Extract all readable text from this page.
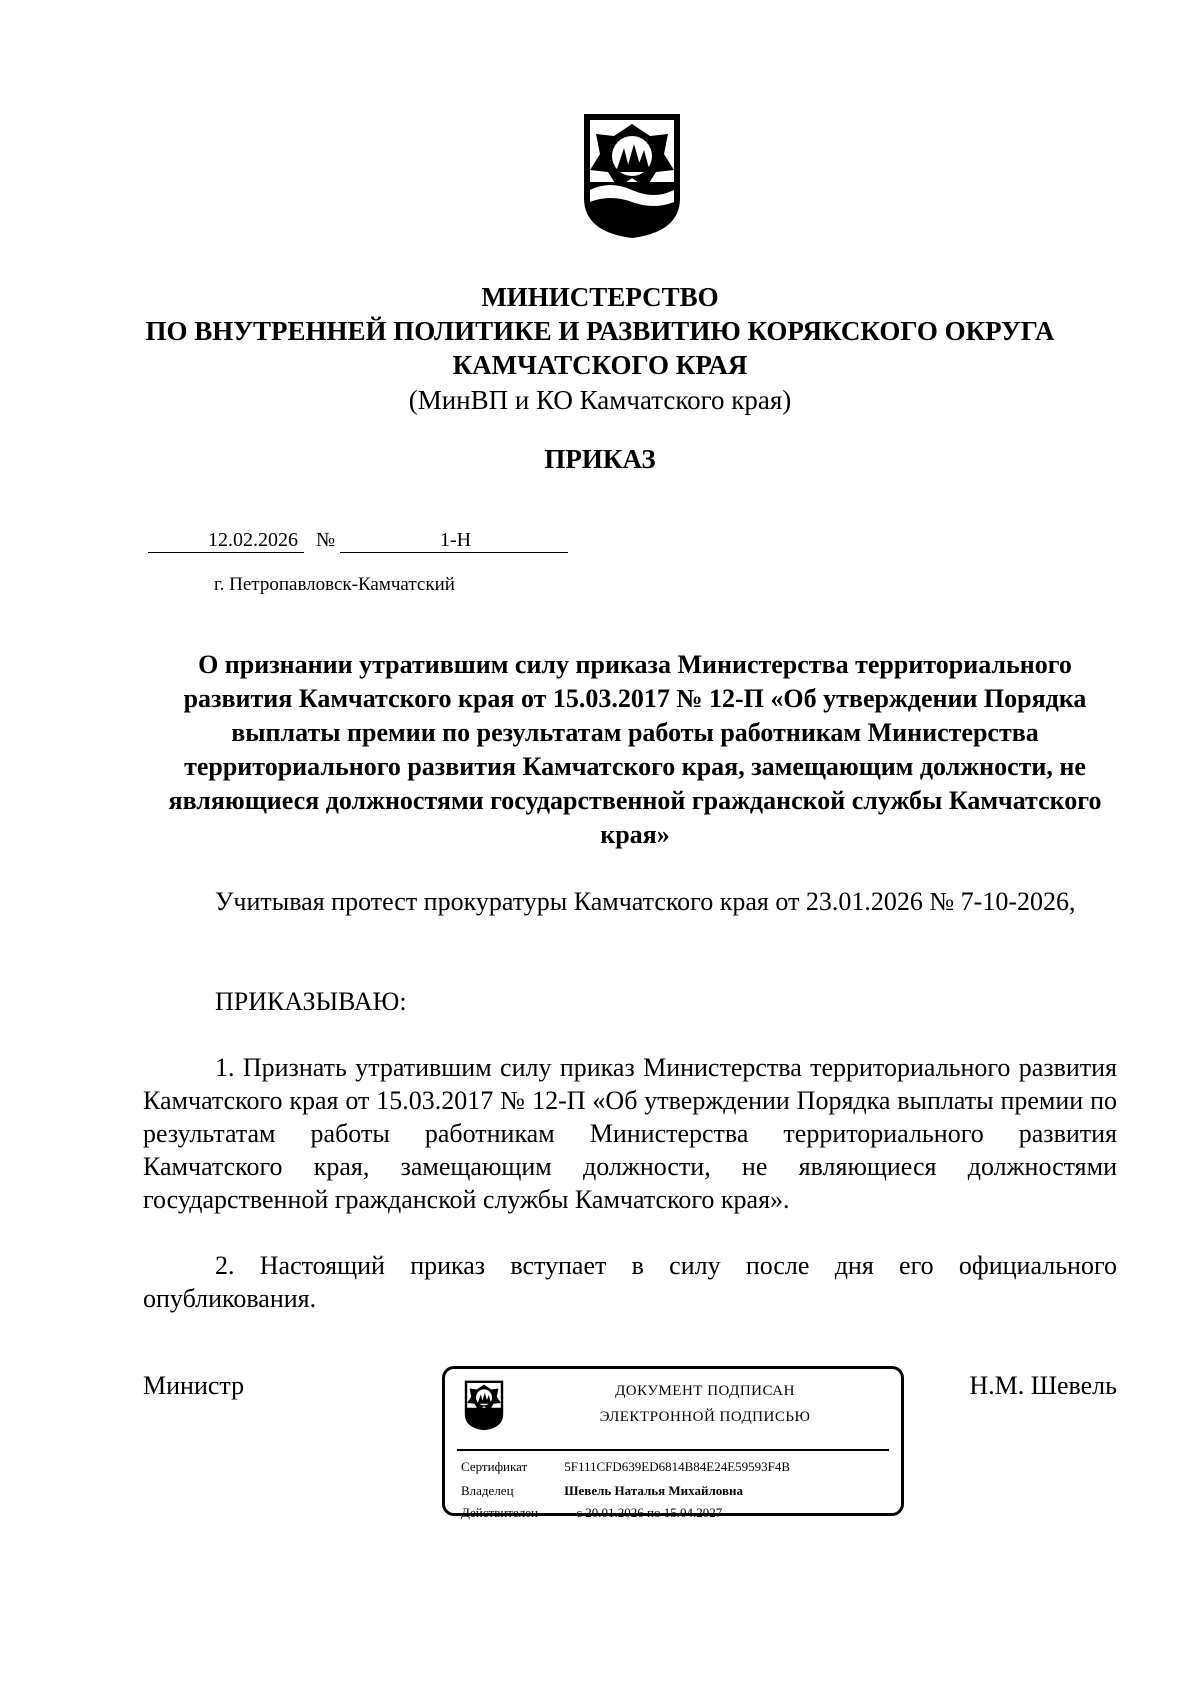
МИНИСТЕРСТВО
ПО ВНУТРЕННЕЙ ПОЛИТИКЕ И РАЗВИТИЮ КОРЯКСКОГО ОКРУГА
КАМЧАТСКОГО КРАЯ
(МинВП и КО Камчатского края)
ПРИКАЗ
12.02.2026 №	1-Н
г. Петропавловск-Камчатский
О признании утратившим силу приказа Министерства территориального развития Камчатского края от 15.03.2017 № 12-П «Об утверждении Порядка выплаты премии по результатам работы работникам Министерства территориального развития Камчатского края, замещающим должности, не являющиеся должностями государственной гражданской службы Камчатского края»
Учитывая протест прокуратуры Камчатского края от 23.01.2026 № 7-10-2026,
ПРИКАЗЫВАЮ:
1. Признать утратившим силу приказ Министерства территориального развития Камчатского края от 15.03.2017 № 12-П «Об утверждении Порядка выплаты премии по результатам работы работникам Министерства территориального развития Камчатского края, замещающим должности, не являющиеся должностями государственной гражданской службы Камчатского края».
2. Настоящий приказ вступает в силу после дня его официального опубликования.
Министр	Н.М. Шевель
ДОКУМЕНТ ПОДПИСАН
ЭЛЕКТРОННОЙ ПОДПИСЬЮ
Сертификат	5F111CFD639ED6814B84E24E59593F4B
Владелец	Шевель Наталья Михайловна
Действителен	с 20.01.2026 по 15.04.2027
